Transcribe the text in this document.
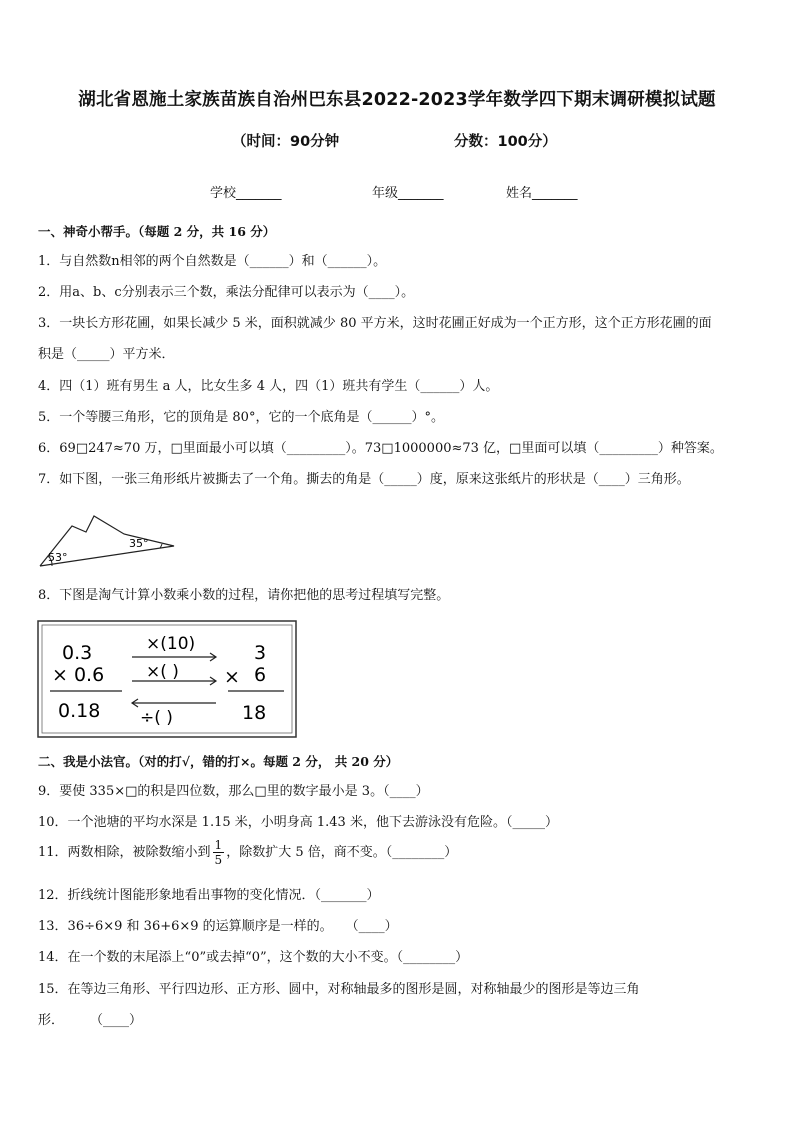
湖北省恩施土家族苗族自治州巴东县2022-2023学年数学四下期末调研模拟试题
（时间：90分钟	分数：100分）
学校_______	年级_______	姓名_______
一、神奇小帮手。（每题 2 分，共 16 分）
1．与自然数n相邻的两个自然数是（______）和（______）。
2．用a、b、c分别表示三个数，乘法分配律可以表示为（____）。
3．一块长方形花圃，如果长减少 5 米，面积就减少 80 平方米，这时花圃正好成为一个正方形，这个正方形花圃的面
积是（_____）平方米．
4．四（1）班有男生 a 人，比女生多 4 人，四（1）班共有学生（______）人。
5．一个等腰三角形，它的顶角是 80°，它的一个底角是（______）°。
6．69□247≈70 万，□里面最小可以填（_________）。73□1000000≈73 亿，□里面可以填（_________）种答案。
7．如下图，一张三角形纸片被撕去了一个角。撕去的角是（_____）度，原来这张纸片的形状是（____）三角形。
53°
35°
8．下图是淘气计算小数乘小数的过程，请你把他的思考过程填写完整。
0.3
× 0.6
0.18
×(10)
×( )
÷( )
3
× 6
18
二、我是小法官。（对的打√，错的打×。每题 2 分， 共 20 分）
9．要使 335×□的积是四位数，那么□里的数字最小是 3。（____）
10．一个池塘的平均水深是 1.15 米，小明身高 1.43 米，他下去游泳没有危险。（_____）
11．两数相除，被除数缩小到 $\frac{1}{5}$ ，除数扩大 5 倍，商不变。（________）
12．折线统计图能形象地看出事物的变化情况．（_______）
13．36÷6×9 和 36+6×9 的运算顺序是一样的。　　（____）
14．在一个数的末尾添上“0”或去掉“0”，这个数的大小不变。（________）
15．在等边三角形、平行四边形、正方形、圆中，对称轴最多的图形是圆，对称轴最少的图形是等边三角
形．　　　（____）
